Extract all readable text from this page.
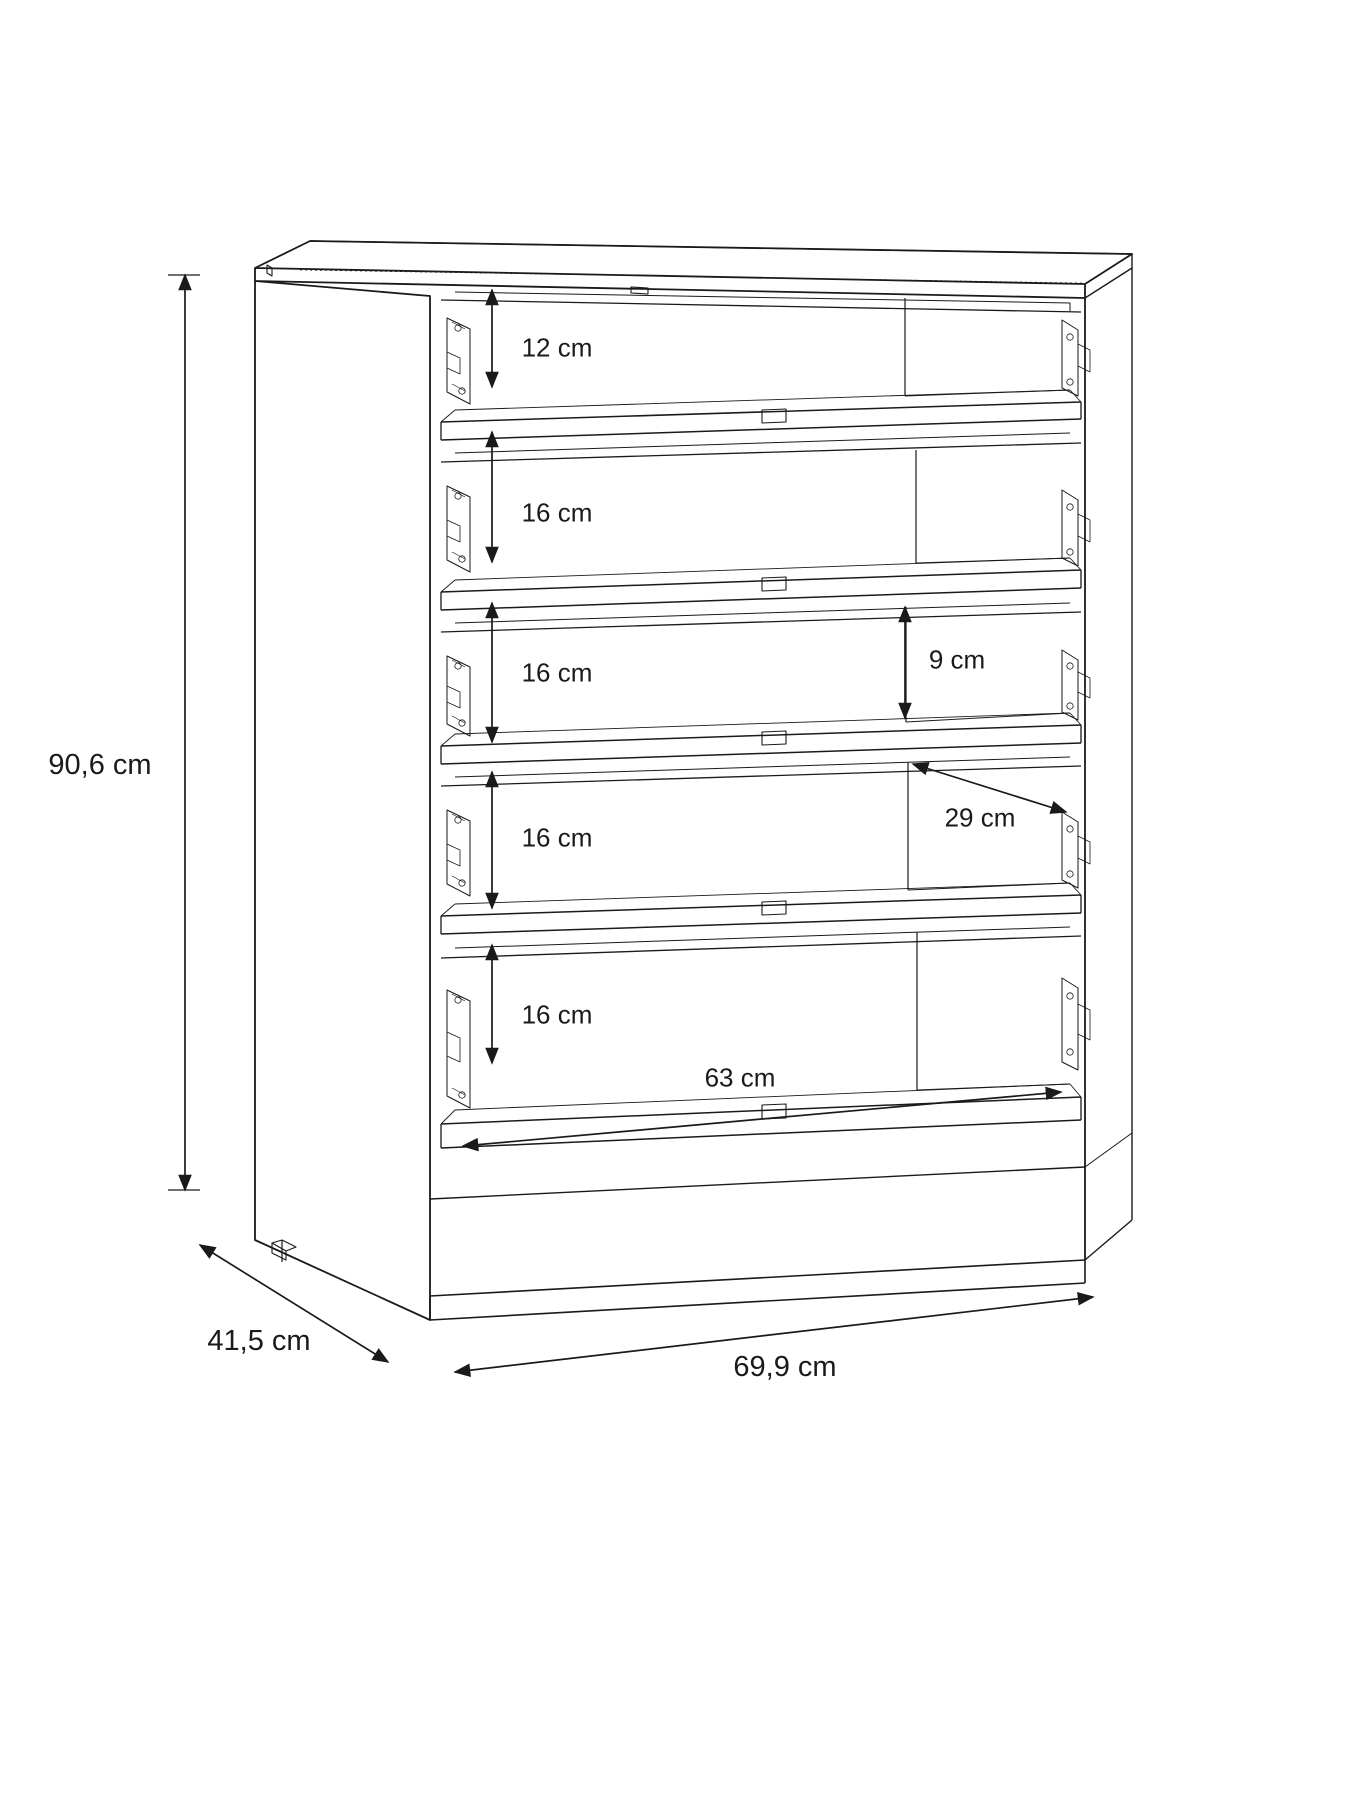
90,6 cm
41,5 cm
69,9 cm
12 cm
16 cm
16 cm
16 cm
16 cm
9 cm
29 cm
63 cm
